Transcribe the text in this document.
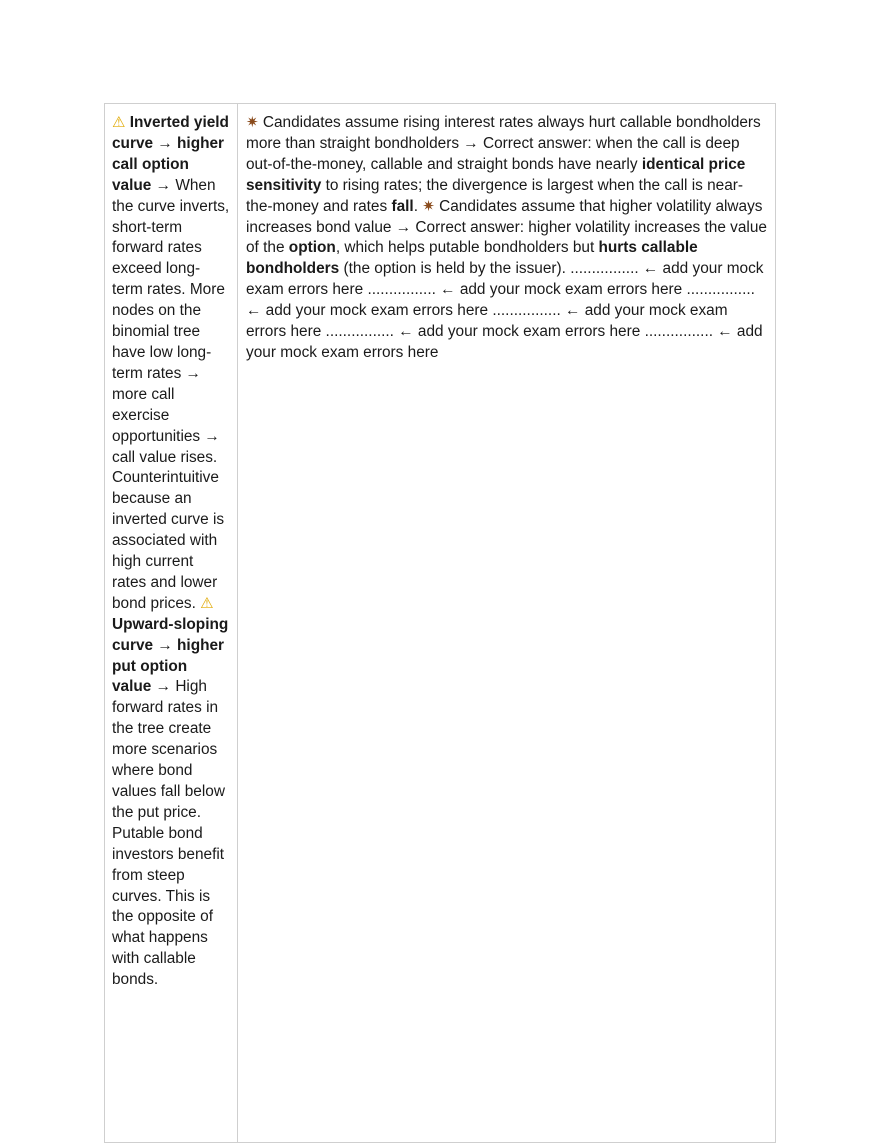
⚠ Inverted yield curve → higher call option value → When the curve inverts, short-term forward rates exceed long-term rates. More nodes on the binomial tree have low long-term rates → more call exercise opportunities → call value rises. Counterintuitive because an inverted curve is associated with high current rates and lower bond prices. ⚠ Upward-sloping curve → higher put option value → High forward rates in the tree create more scenarios where bond values fall below the put price. Putable bond investors benefit from steep curves. This is the opposite of what happens with callable bonds.
✷ Candidates assume rising interest rates always hurt callable bondholders more than straight bondholders → Correct answer: when the call is deep out-of-the-money, callable and straight bonds have nearly identical price sensitivity to rising rates; the divergence is largest when the call is near-the-money and rates fall. ✷ Candidates assume that higher volatility always increases bond value → Correct answer: higher volatility increases the value of the option, which helps putable bondholders but hurts callable bondholders (the option is held by the issuer). ................ ← add your mock exam errors here ................ ← add your mock exam errors here ................ ← add your mock exam errors here ................ ← add your mock exam errors here ................ ← add your mock exam errors here ................ ← add your mock exam errors here
